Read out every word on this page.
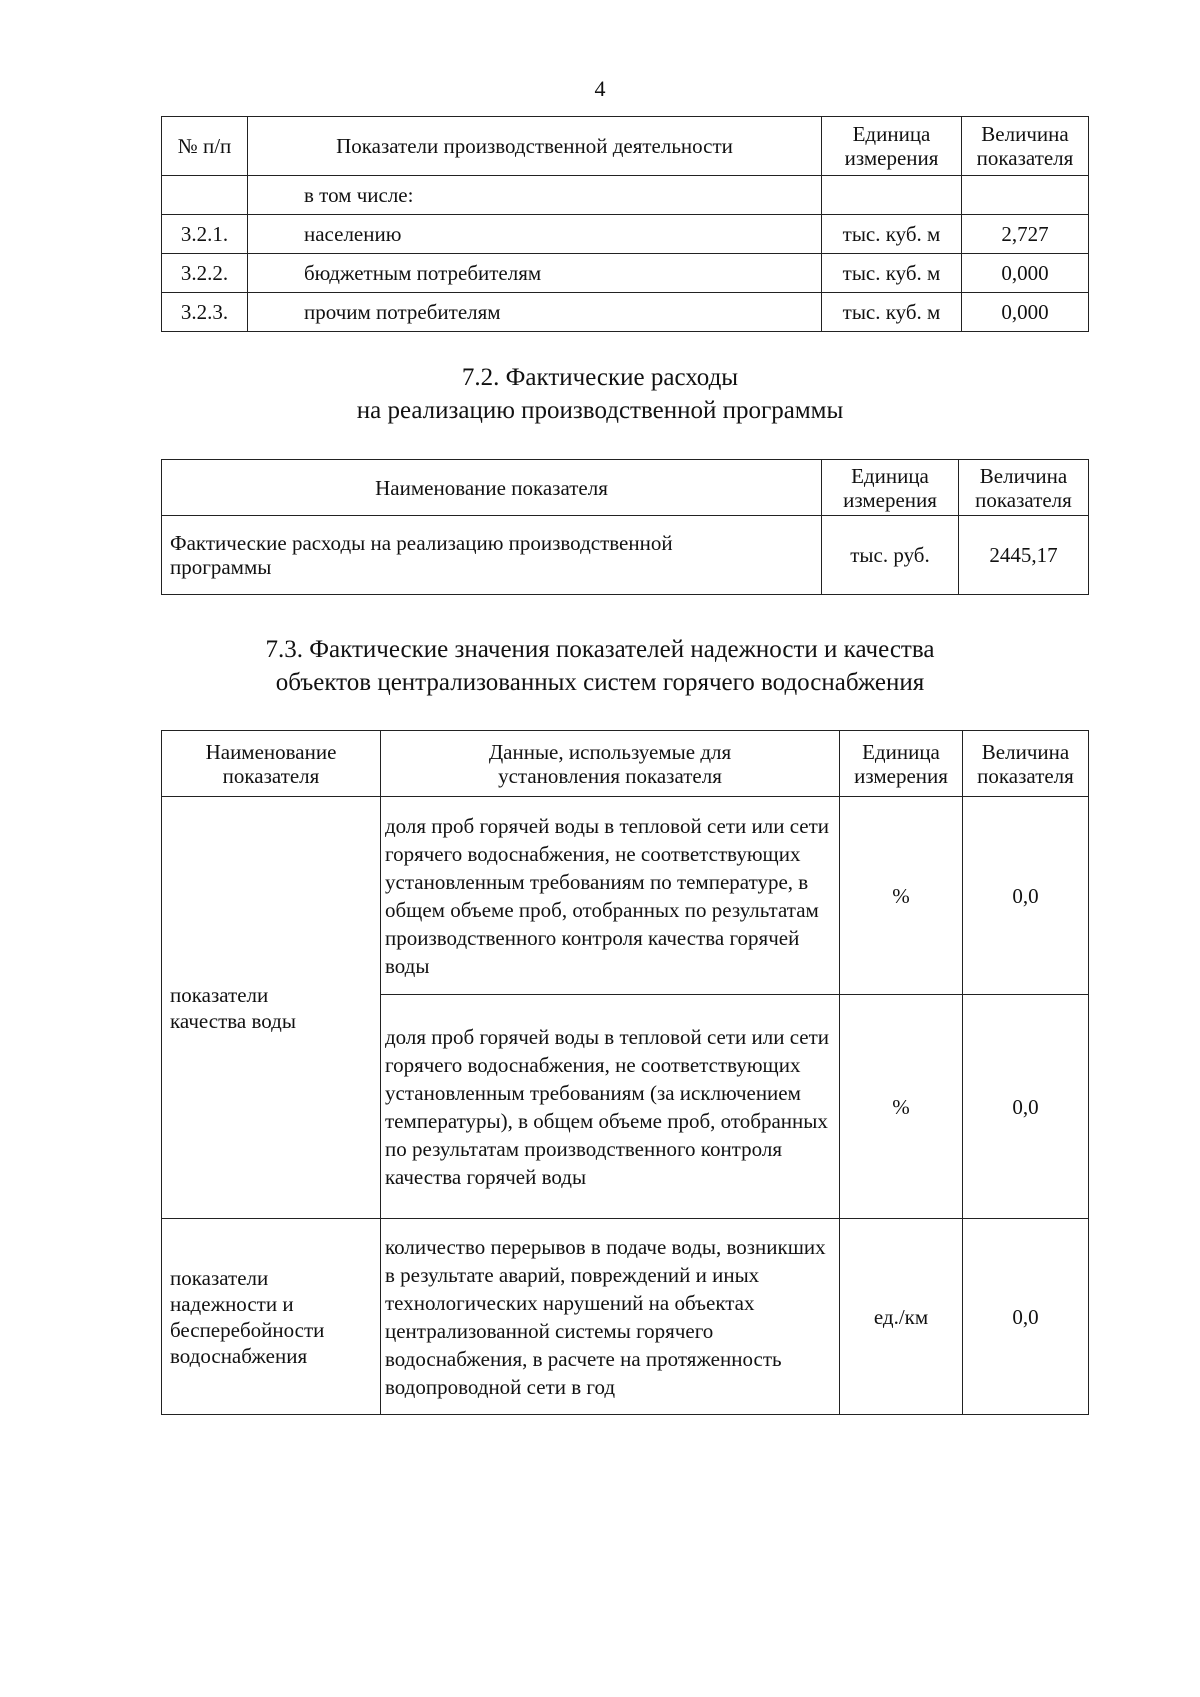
4
№ п/п	Показатели производственной деятельности	Единица измерения	Величина показателя
	в том числе:		
3.2.1.	населению	тыс. куб. м	2,727
3.2.2.	бюджетным потребителям	тыс. куб. м	0,000
3.2.3.	прочим потребителям	тыс. куб. м	0,000
7.2. Фактические расходы
на реализацию производственной программы
Наименование показателя	Единица измерения	Величина показателя
Фактические расходы на реализацию производственной программы	тыс. руб.	2445,17
7.3. Фактические значения показателей надежности и качества
объектов централизованных систем горячего водоснабжения
Наименование показателя	Данные, используемые для установления показателя	Единица измерения	Величина показателя
показатели качества воды	доля проб горячей воды в тепловой сети или сети горячего водоснабжения, не соответствующих установленным требованиям по температуре, в общем объеме проб, отобранных по результатам производственного контроля качества горячей воды	%	0,0
	доля проб горячей воды в тепловой сети или сети горячего водоснабжения, не соответствующих установленным требованиям (за исключением температуры), в общем объеме проб, отобранных по результатам производственного контроля качества горячей воды	%	0,0
показатели надежности и бесперебойности водоснабжения	количество перерывов в подаче воды, возникших в результате аварий, повреждений и иных технологических нарушений на объектах централизованной системы горячего водоснабжения, в расчете на протяженность водопроводной сети в год	ед./км	0,0
